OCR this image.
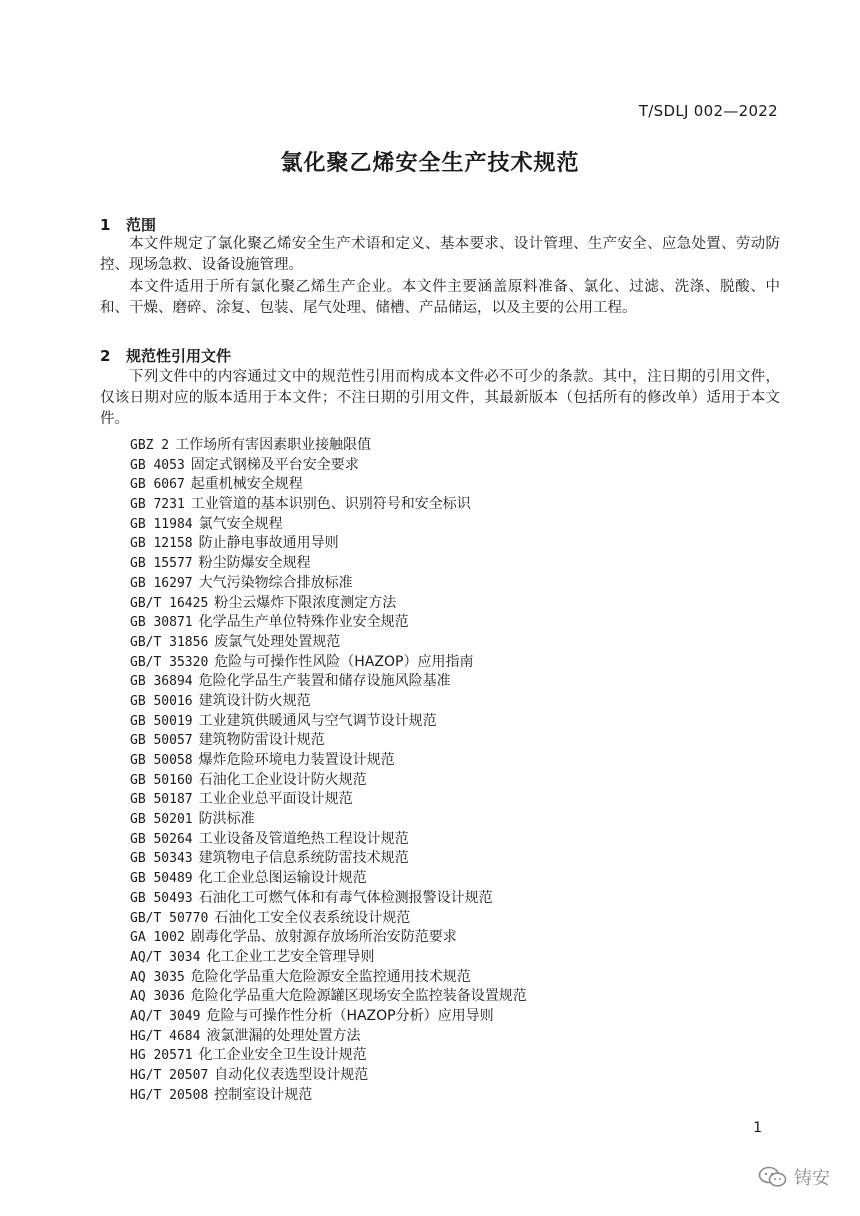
T/SDLJ 002—2022
氯化聚乙烯安全生产技术规范
1 范围

本文件规定了氯化聚乙烯安全生产术语和定义、基本要求、设计管理、生产安全、应急处置、劳动防控、现场急救、设备设施管理。

本文件适用于所有氯化聚乙烯生产企业。本文件主要涵盖原料准备、氯化、过滤、洗涤、脱酸、中和、干燥、磨碎、涂复、包装、尾气处理、储槽、产品储运，以及主要的公用工程。

2 规范性引用文件

下列文件中的内容通过文中的规范性引用而构成本文件必不可少的条款。其中，注日期的引用文件，仅该日期对应的版本适用于本文件；不注日期的引用文件，其最新版本（包括所有的修改单）适用于本文件。

GBZ 2 工作场所有害因素职业接触限值
GB 4053 固定式钢梯及平台安全要求
GB 6067 起重机械安全规程
GB 7231 工业管道的基本识别色、识别符号和安全标识
GB 11984 氯气安全规程
GB 12158 防止静电事故通用导则
GB 15577 粉尘防爆安全规程
GB 16297 大气污染物综合排放标准
GB/T 16425 粉尘云爆炸下限浓度测定方法
GB 30871 化学品生产单位特殊作业安全规范
GB/T 31856 废氯气处理处置规范
GB/T 35320 危险与可操作性风险（HAZOP）应用指南
GB 36894 危险化学品生产装置和储存设施风险基准
GB 50016 建筑设计防火规范
GB 50019 工业建筑供暖通风与空气调节设计规范
GB 50057 建筑物防雷设计规范
GB 50058 爆炸危险环境电力装置设计规范
GB 50160 石油化工企业设计防火规范
GB 50187 工业企业总平面设计规范
GB 50201 防洪标准
GB 50264 工业设备及管道绝热工程设计规范
GB 50343 建筑物电子信息系统防雷技术规范
GB 50489 化工企业总图运输设计规范
GB 50493 石油化工可燃气体和有毒气体检测报警设计规范
GB/T 50770 石油化工安全仪表系统设计规范
GA 1002 剧毒化学品、放射源存放场所治安防范要求
AQ/T 3034 化工企业工艺安全管理导则
AQ 3035 危险化学品重大危险源安全监控通用技术规范
AQ 3036 危险化学品重大危险源罐区现场安全监控装备设置规范
AQ/T 3049 危险与可操作性分析（HAZOP分析）应用导则
HG/T 4684 液氯泄漏的处理处置方法
HG 20571 化工企业安全卫生设计规范
HG/T 20507 自动化仪表选型设计规范
HG/T 20508 控制室设计规范
1
铸安
